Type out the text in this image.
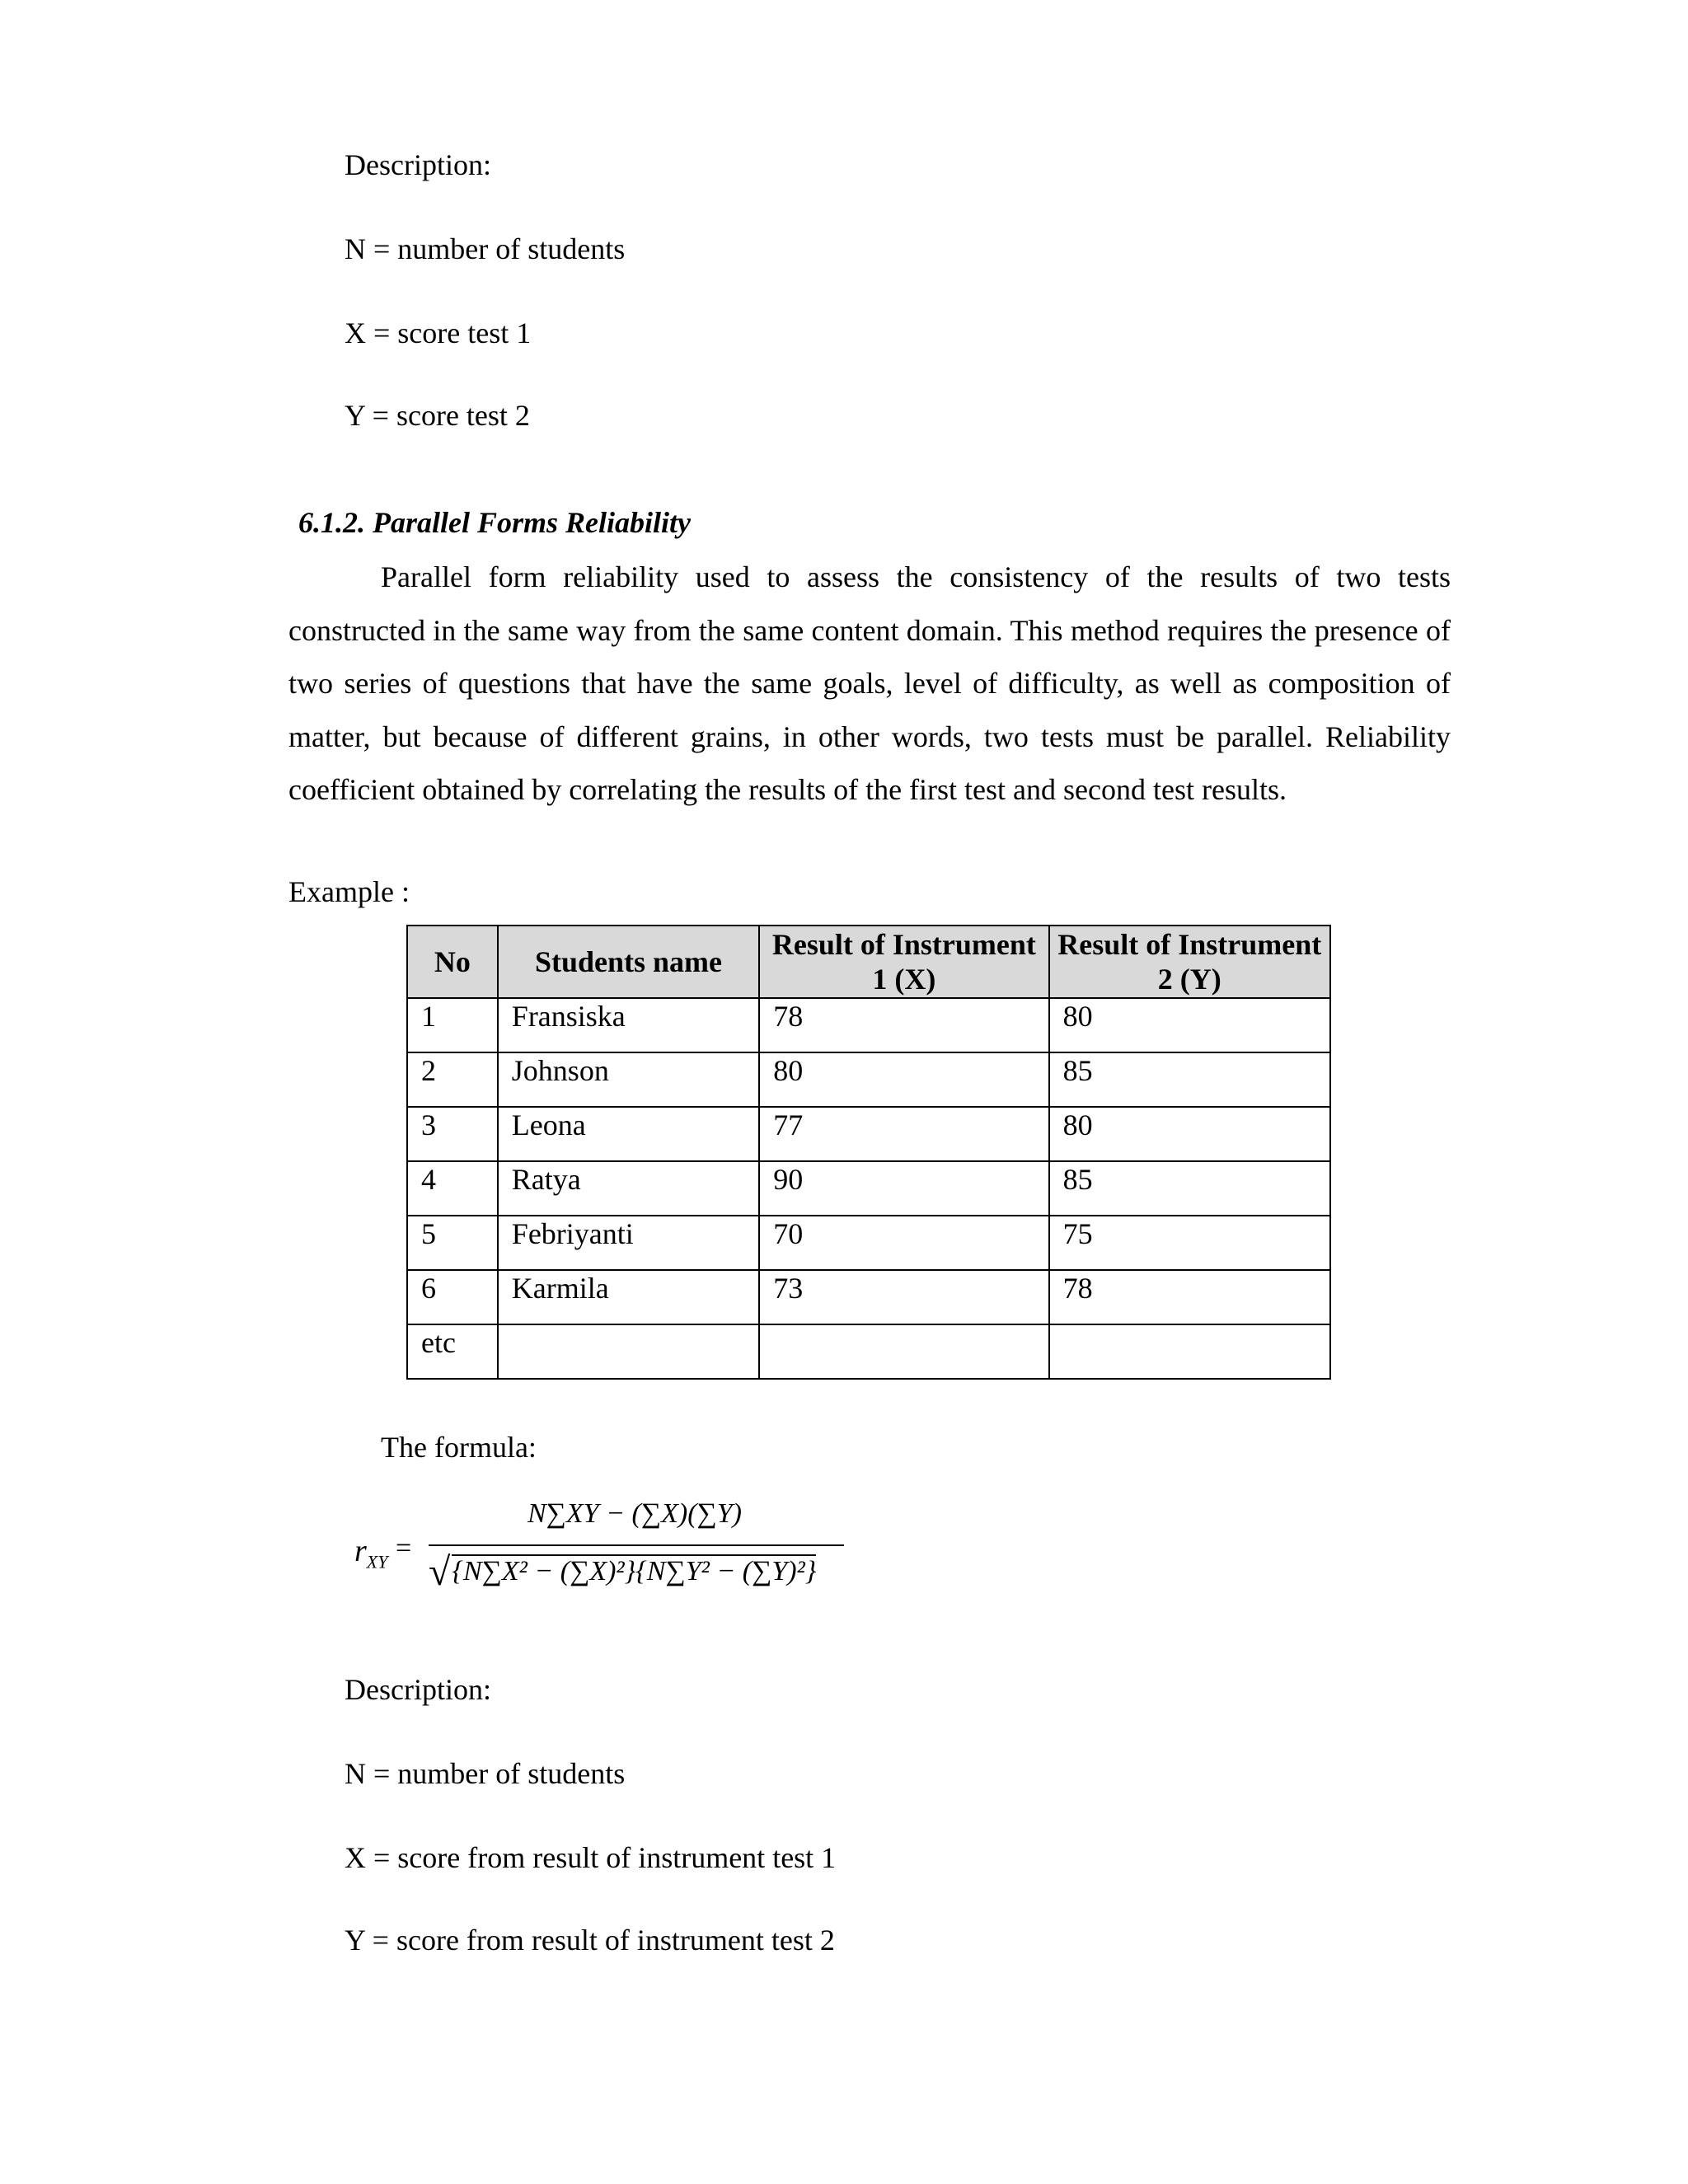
Description:

N = number of students

X = score test 1

Y = score test 2

6.1.2. Parallel Forms Reliability

Parallel form reliability used to assess the consistency of the results of two tests constructed in the same way from the same content domain. This method requires the presence of two series of questions that have the same goals, level of difficulty, as well as composition of matter, but because of different grains, in other words, two tests must be parallel. Reliability coefficient obtained by correlating the results of the first test and second test results.

Example :

No	Students name	Result of Instrument 1 (X)	Result of Instrument 2 (Y)
1	Fransiska	78	80
2	Johnson	80	85
3	Leona	77	80
4	Ratya	90	85
5	Febriyanti	70	75
6	Karmila	73	78
etc			

The formula:

$r_{XY}$ =
N∑XY − (∑X)(∑Y)
√{N∑X² − (∑X)²}{N∑Y² − (∑Y)²}

Description:

N = number of students

X = score from result of instrument test 1

Y = score from result of instrument test 2
